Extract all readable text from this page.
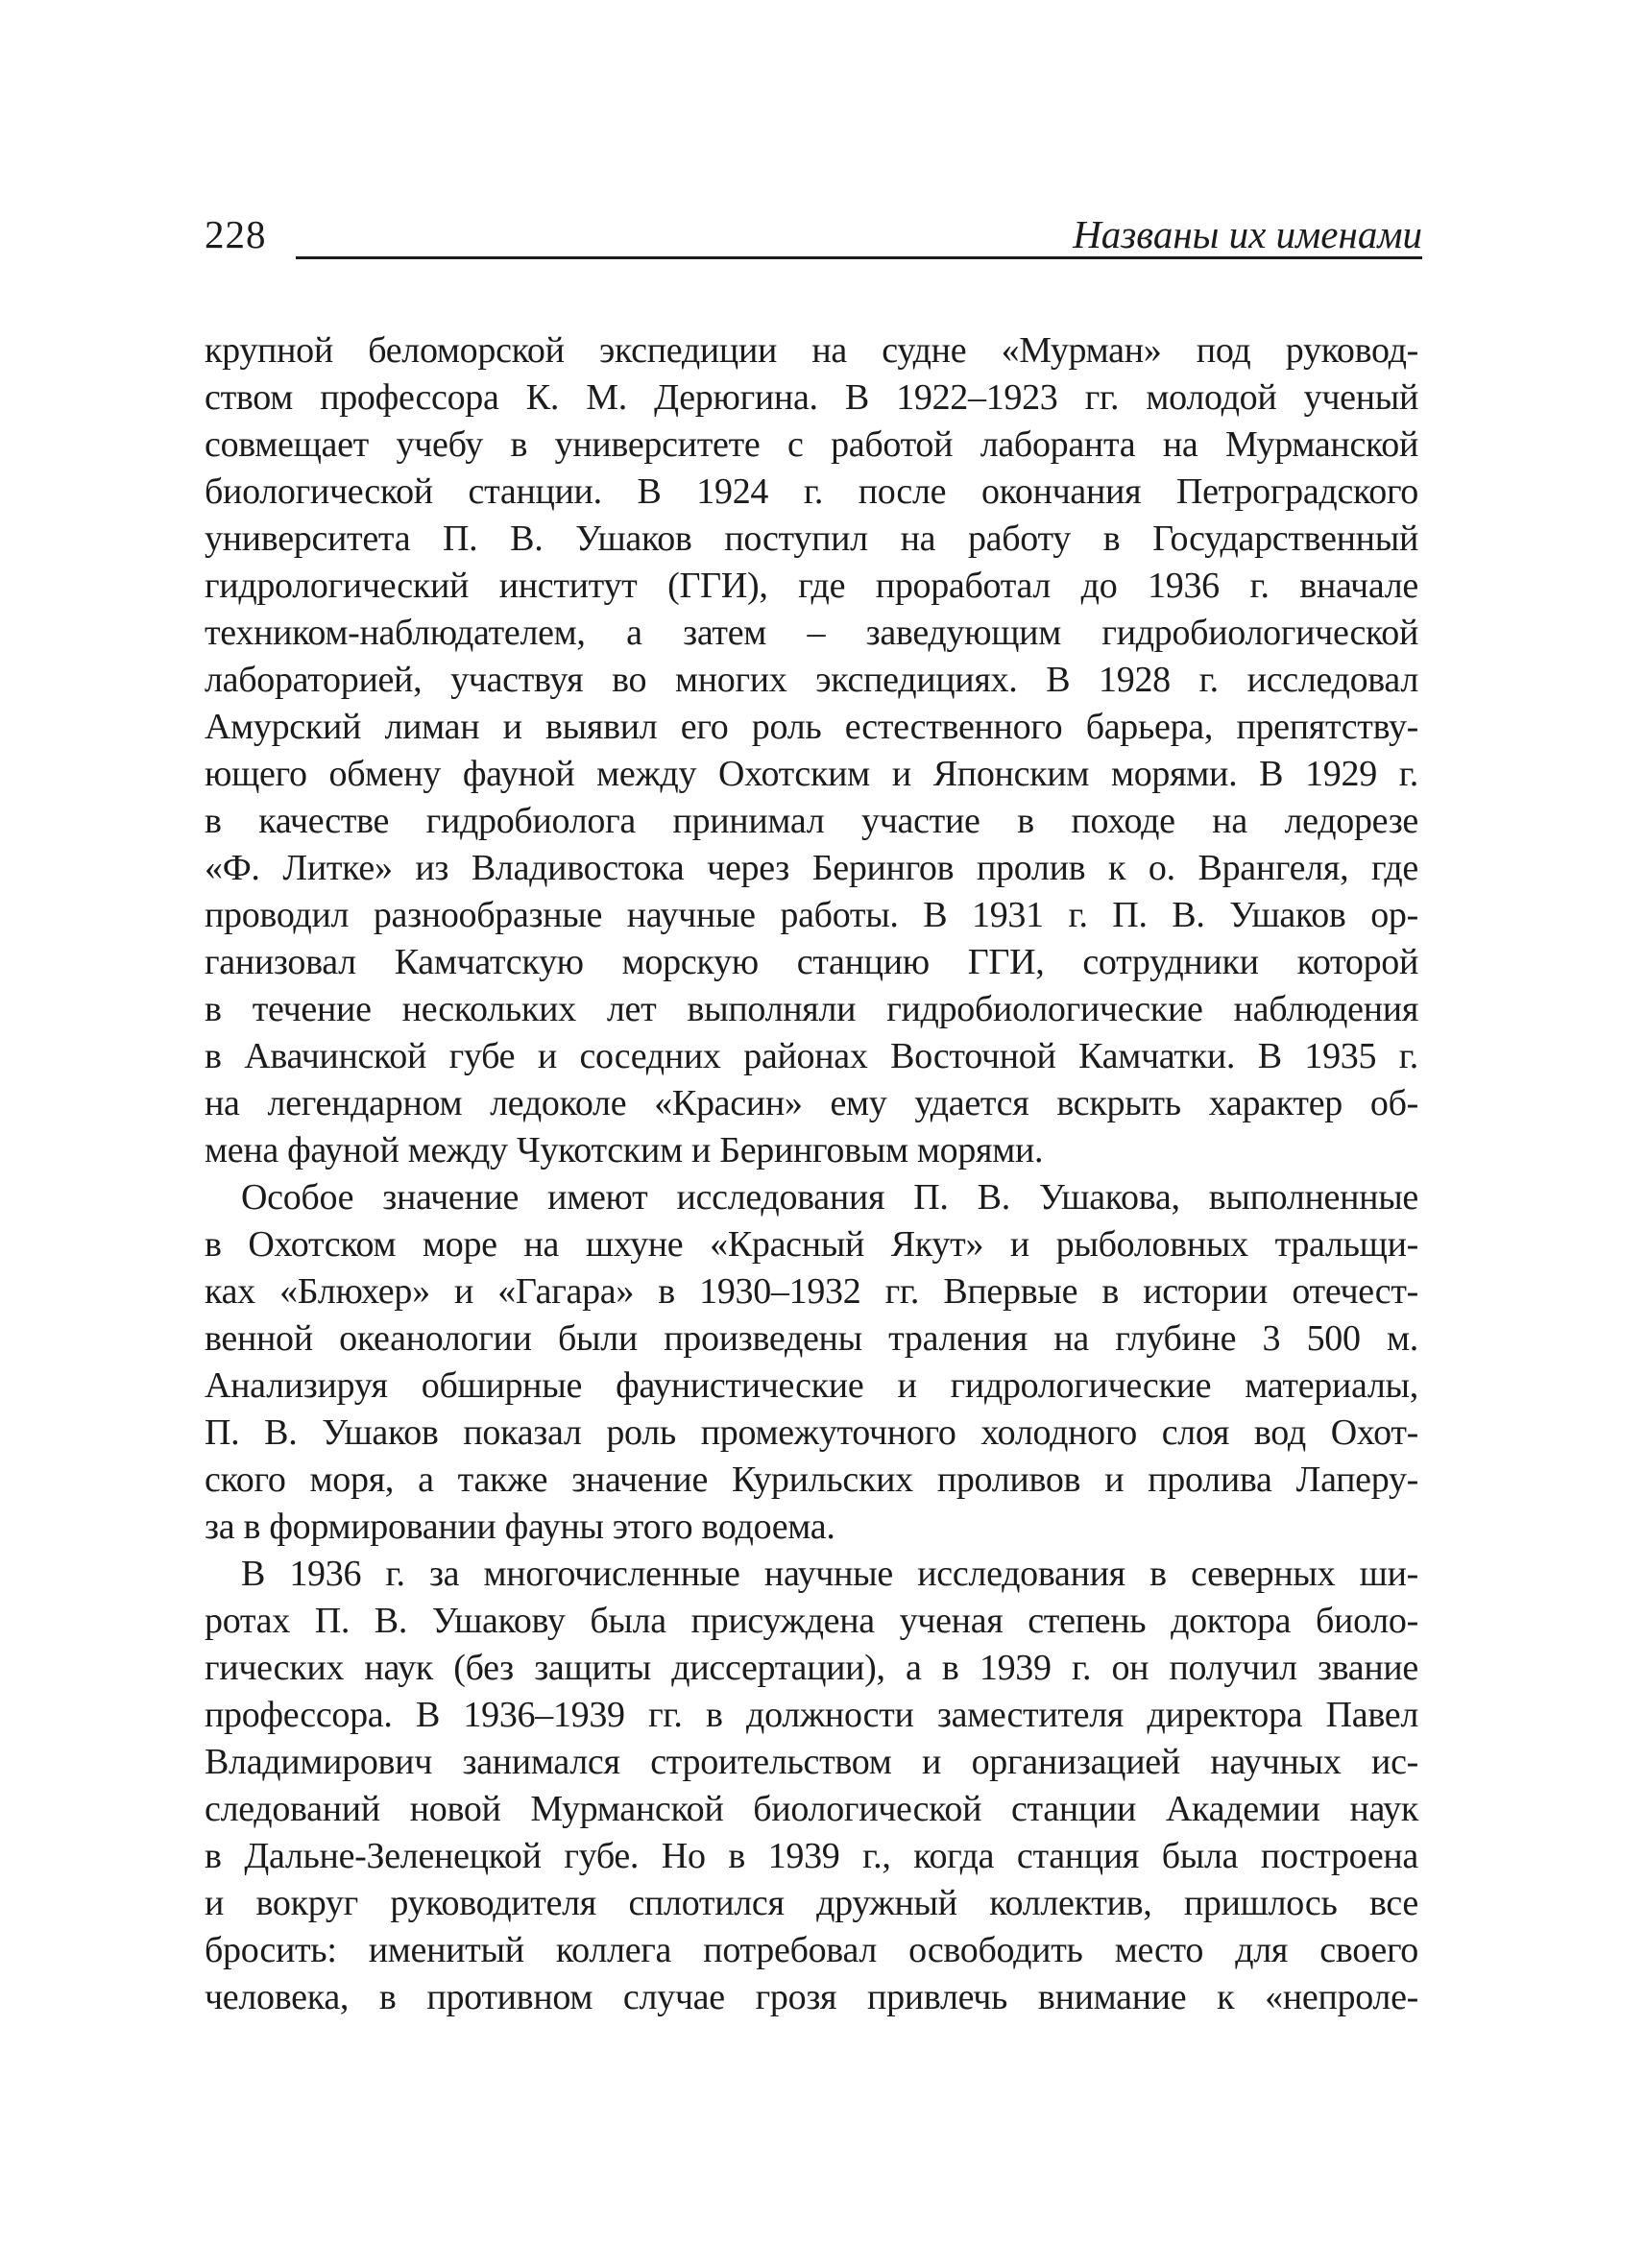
228	Названы их именами

крупной беломорской экспедиции на судне «Мурман» под руковод-
ством профессора К. М. Дерюгина. В 1922–1923 гг. молодой ученый
совмещает учебу в университете с работой лаборанта на Мурманской
биологической станции. В 1924 г. после окончания Петроградского
университета П. В. Ушаков поступил на работу в Государственный
гидрологический институт (ГГИ), где проработал до 1936 г. вначале
техником-наблюдателем, а затем – заведующим гидробиологической
лабораторией, участвуя во многих экспедициях. В 1928 г. исследовал
Амурский лиман и выявил его роль естественного барьера, препятству-
ющего обмену фауной между Охотским и Японским морями. В 1929 г.
в качестве гидробиолога принимал участие в походе на ледорезе
«Ф. Литке» из Владивостока через Берингов пролив к о. Врангеля, где
проводил разнообразные научные работы. В 1931 г. П. В. Ушаков ор-
ганизовал Камчатскую морскую станцию ГГИ, сотрудники которой
в течение нескольких лет выполняли гидробиологические наблюдения
в Авачинской губе и соседних районах Восточной Камчатки. В 1935 г.
на легендарном ледоколе «Красин» ему удается вскрыть характер об-
мена фауной между Чукотским и Беринговым морями.

Особое значение имеют исследования П. В. Ушакова, выполненные
в Охотском море на шхуне «Красный Якут» и рыболовных тральщи-
ках «Блюхер» и «Гагара» в 1930–1932 гг. Впервые в истории отечест-
венной океанологии были произведены траления на глубине 3 500 м.
Анализируя обширные фаунистические и гидрологические материалы,
П. В. Ушаков показал роль промежуточного холодного слоя вод Охот-
ского моря, а также значение Курильских проливов и пролива Лаперу-
за в формировании фауны этого водоема.

В 1936 г. за многочисленные научные исследования в северных ши-
ротах П. В. Ушакову была присуждена ученая степень доктора биоло-
гических наук (без защиты диссертации), а в 1939 г. он получил звание
профессора. В 1936–1939 гг. в должности заместителя директора Павел
Владимирович занимался строительством и организацией научных ис-
следований новой Мурманской биологической станции Академии наук
в Дальне-Зеленецкой губе. Но в 1939 г., когда станция была построена
и вокруг руководителя сплотился дружный коллектив, пришлось все
бросить: именитый коллега потребовал освободить место для своего
человека, в противном случае грозя привлечь внимание к «непроле-
